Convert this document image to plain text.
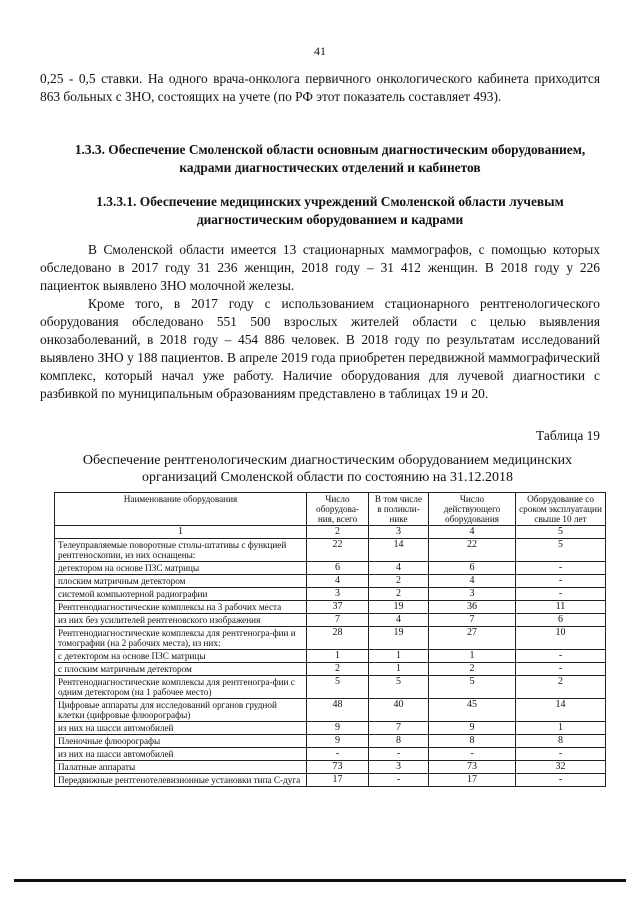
41

0,25 - 0,5 ставки. На одного врача-онколога первичного онкологического кабинета приходится 863 больных с ЗНО, состоящих на учете (по РФ этот показатель составляет 493).

1.3.3. Обеспечение Смоленской области основным диагностическим оборудованием, кадрами диагностических отделений и кабинетов

1.3.3.1. Обеспечение медицинских учреждений Смоленской области лучевым диагностическим оборудованием и кадрами

В Смоленской области имеется 13 стационарных маммографов, с помощью которых обследовано в 2017 году 31 236 женщин, 2018 году – 31 412 женщин. В 2018 году у 226 пациенток выявлено ЗНО молочной железы.

Кроме того, в 2017 году с использованием стационарного рентгенологического оборудования обследовано 551 500 взрослых жителей области с целью выявления онкозаболеваний, в 2018 году – 454 886 человек. В 2018 году по результатам исследований выявлено ЗНО у 188 пациентов. В апреле 2019 года приобретен передвижной маммографический комплекс, который начал уже работу. Наличие оборудования для лучевой диагностики с разбивкой по муниципальным образованиям представлено в таблицах 19 и 20.

Таблица 19
Обеспечение рентгенологическим диагностическим оборудованием медицинских организаций Смоленской области по состоянию на 31.12.2018
Наименование оборудования	Число оборудова-ния, всего	В том числе в поликли-нике	Число действующего оборудования	Оборудование со сроком эксплуатации свыше 10 лет
1	2	3	4	5
Телеуправляемые поворотные столы-штативы с функцией рентгеноскопии, из них оснащены:	22	14	22	5
детектором на основе ПЗС матрицы	6	4	6	-
плоским матричным детектором	4	2	4	-
системой компьютерной радиографии	3	2	3	-
Рентгенодиагностические комплексы на 3 рабочих места	37	19	36	11
из них без усилителей рентгеновского изображения	7	4	7	6
Рентгенодиагностические комплексы для рентгеногра-фии и томографии (на 2 рабочих места), из них:	28	19	27	10
с детектором на основе ПЗС матрицы	1	1	1	-
с плоским матричным детектором	2	1	2	-
Рентгенодиагностические комплексы для рентгеногра-фии с одним детектором (на 1 рабочее место)	5	5	5	2
Цифровые аппараты для исследований органов грудной клетки (цифровые флюорографы)	48	40	45	14
из них на шасси автомобилей	9	7	9	1
Пленочные флюорографы	9	8	8	8
из них на шасси автомобилей	-	-	-	-
Палатные аппараты	73	3	73	32
Передвижные рентгенотелевизионные установки типа С-дуга	17	-	17	-
